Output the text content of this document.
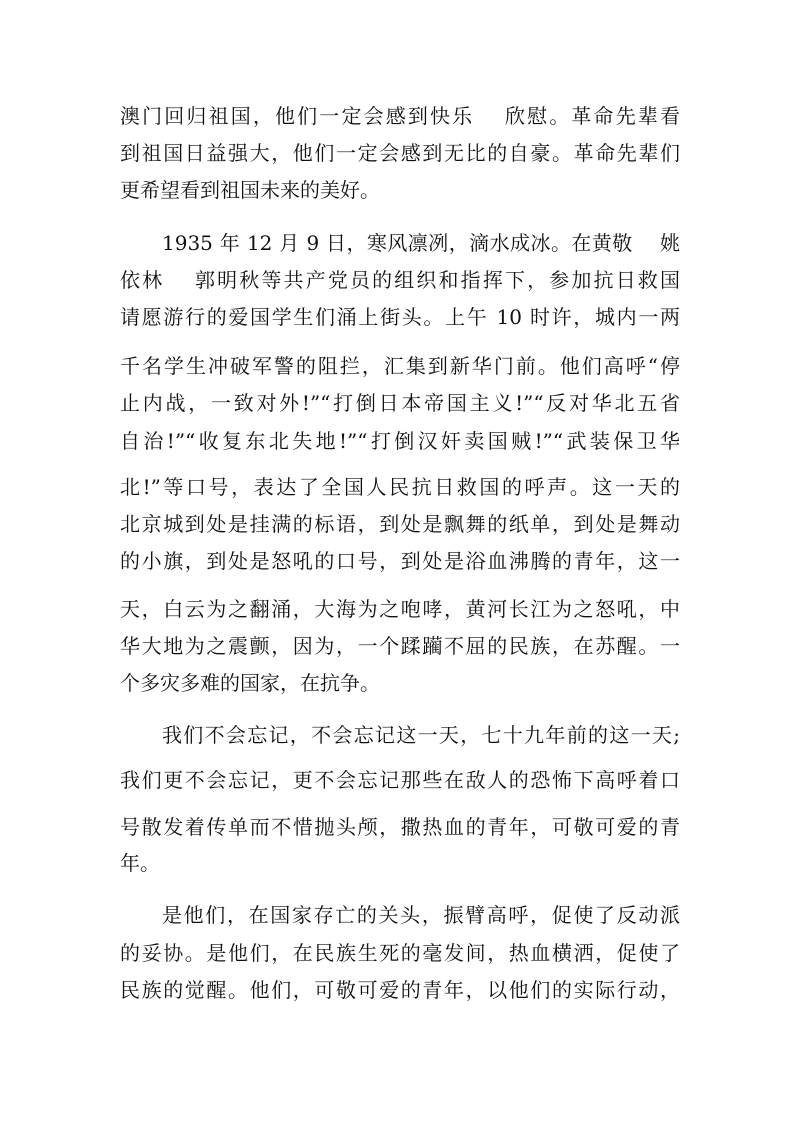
澳门回归祖国，他们一定会感到快乐　 欣慰。革命先辈看
到祖国日益强大，他们一定会感到无比的自豪。革命先辈们
更希望看到祖国未来的美好。
1935 年 12 月 9 日，寒风凛冽，滴水成冰。在黄敬　 姚
依林　 郭明秋等共产党员的组织和指挥下，参加抗日救国
请愿游行的爱国学生们涌上街头。上午 10 时许，城内一两
千名学生冲破军警的阻拦，汇集到新华门前。他们高呼“停
止内战，一致对外!”“打倒日本帝国主义!”“反对华北五省
自治!”“收复东北失地!”“打倒汉奸卖国贼!”“武装保卫华
北!”等口号，表达了全国人民抗日救国的呼声。这一天的
北京城到处是挂满的标语，到处是飘舞的纸单，到处是舞动
的小旗，到处是怒吼的口号，到处是浴血沸腾的青年，这一
天，白云为之翻涌，大海为之咆哮，黄河长江为之怒吼，中
华大地为之震颤，因为，一个蹂躏不屈的民族，在苏醒。一
个多灾多难的国家，在抗争。
我们不会忘记，不会忘记这一天，七十九年前的这一天;
我们更不会忘记，更不会忘记那些在敌人的恐怖下高呼着口
号散发着传单而不惜抛头颅，撒热血的青年，可敬可爱的青
年。
是他们，在国家存亡的关头，振臂高呼，促使了反动派
的妥协。是他们，在民族生死的毫发间，热血横洒，促使了
民族的觉醒。他们，可敬可爱的青年，以他们的实际行动，
